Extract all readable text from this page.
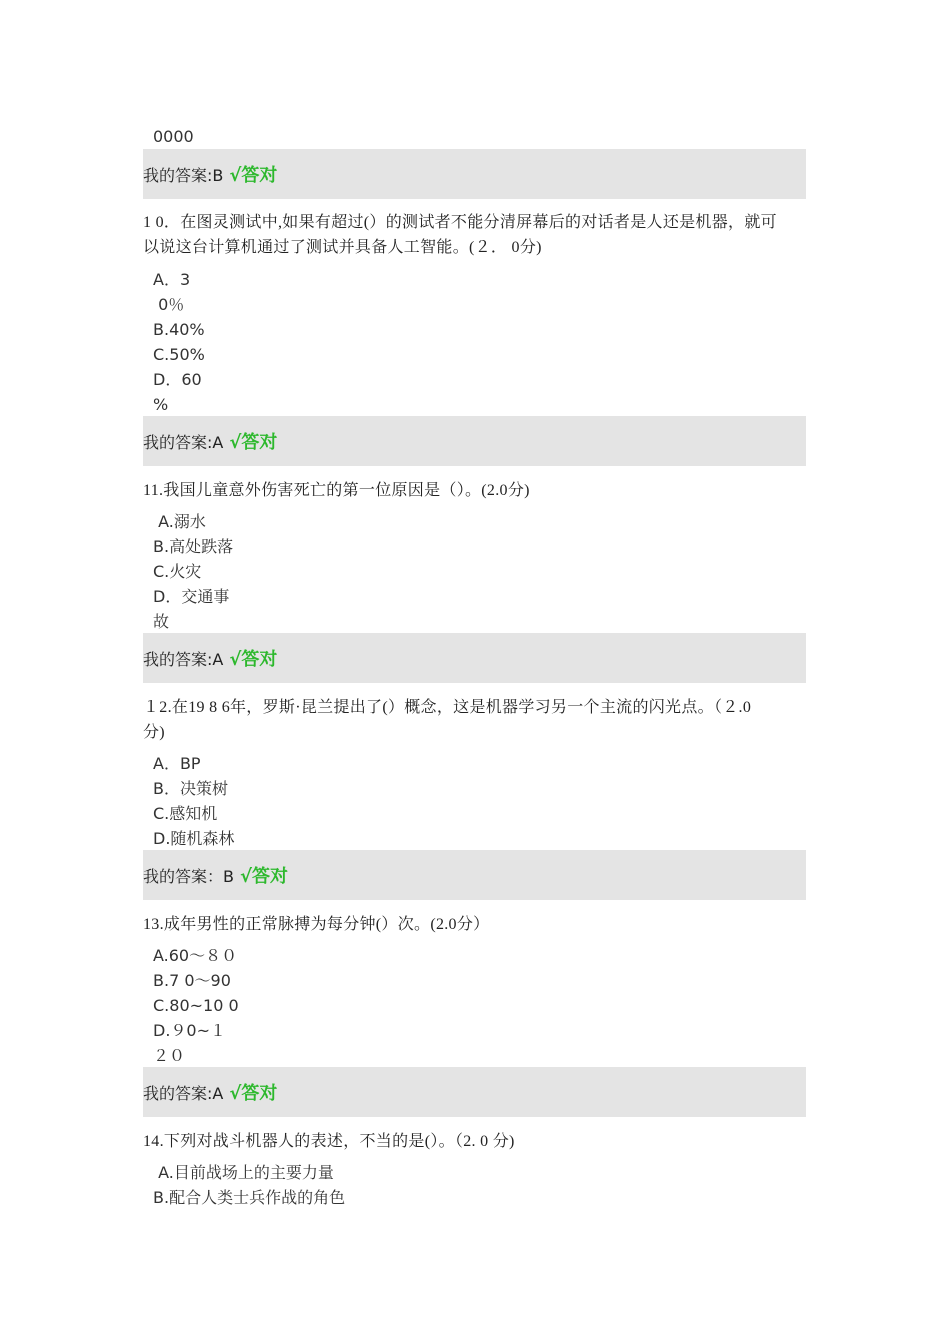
0000
我的答案:B √答对
1 0．在图灵测试中,如果有超过(）的测试者不能分清屏幕后的对话者是人还是机器，就可
以说这台计算机通过了测试并具备人工智能。(２． 0分)
A．3
0％
B.40%
C.50%
D．60
%
我的答案:A √答对
11.我国儿童意外伤害死亡的第一位原因是（）。(2.0分)
A.溺水
B.高处跌落
C.火灾
D．交通事
故
我的答案:A √答对
１2.在19 8 6年，罗斯·昆兰提出了(）概念，这是机器学习另一个主流的闪光点。（２.0
分)
A．BP
B．决策树
C.感知机
D.随机森林
我的答案：B √答对
13.成年男性的正常脉搏为每分钟(）次。(2.0分）
A.60～８０
B.7 0～90
C.80~10 0
D.９0~１
２０
我的答案:A √答对
14.下列对战斗机器人的表述，不当的是(）。（2. 0 分)
A.目前战场上的主要力量
B.配合人类士兵作战的角色
